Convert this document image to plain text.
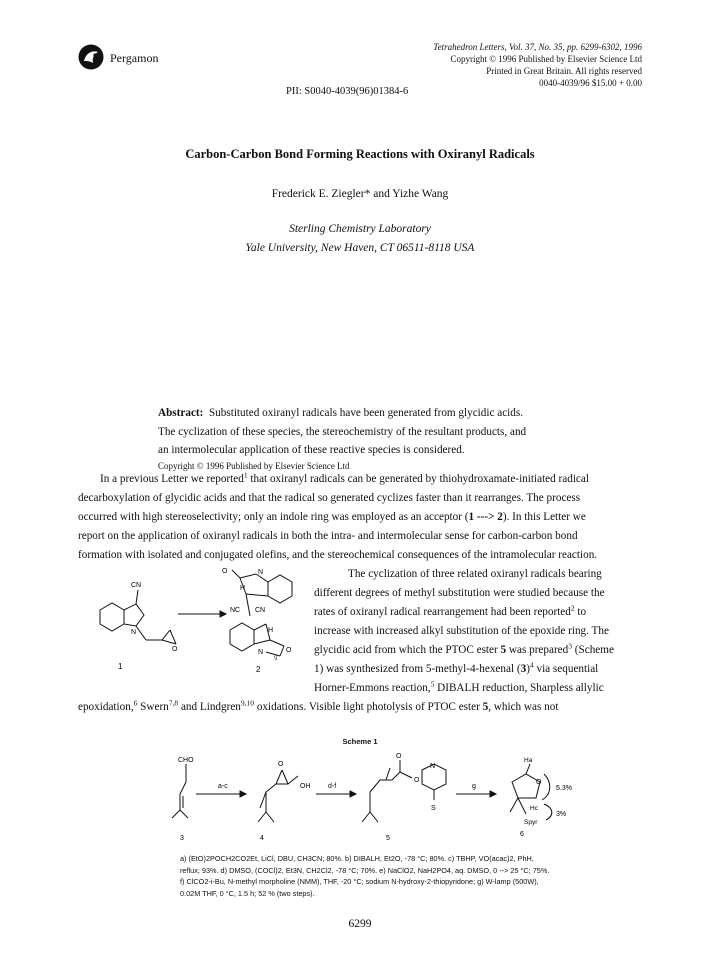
Pergamon
Tetrahedron Letters, Vol. 37, No. 35, pp. 6299-6302, 1996
Copyright © 1996 Published by Elsevier Science Ltd
Printed in Great Britain. All rights reserved
0040-4039/96 $15.00 + 0.00
PII: S0040-4039(96)01384-6
Carbon-Carbon Bond Forming Reactions with Oxiranyl Radicals
Frederick E. Ziegler* and Yizhe Wang
Sterling Chemistry Laboratory
Yale University, New Haven, CT 06511-8118 USA
Abstract: Substituted oxiranyl radicals have been generated from glycidic acids.
The cyclization of these species, the stereochemistry of the resultant products, and
an intermolecular application of these reactive species is considered.
Copyright © 1996 Published by Elsevier Science Ltd
In a previous Letter we reported$^1$ that oxiranyl radicals can be generated by thiohydroxamate-initiated radical
decarboxylation of glycidic acids and that the radical so generated cyclizes faster than it rearranges. The process
occurred with high stereoselectivity; only an indole ring was employed as an acceptor (1 ---> 2). In this Letter we
report on the application of oxiranyl radicals in both the intra- and intermolecular sense for carbon-carbon bond
formation with isolated and conjugated olefins, and the stereochemical consequences of the intramolecular reaction.
The cyclization of three related oxiranyl radicals bearing
different degrees of methyl substitution were studied because the
rates of oxiranyl radical rearrangement had been reported$^2$ to
increase with increased alkyl substitution of the epoxide ring. The
glycidic acid from which the PTOC ester 5 was prepared$^3$ (Scheme
1) was synthesized from 5-methyl-4-hexenal $(3)^4$ via sequential
Horner-Emmons reaction,$^5$ DIBALH reduction, Sharpless allylic
epoxidation,$^6$ Swern$^{7,8}$ and Lindgren$^{9,10}$ oxidations. Visible light photolysis of PTOC ester 5, which was not
CN
N
O
O	N
H
NC CN
H
N	O
\\
1	2
Scheme 1
CHO
a-c	OH
O
d-f
O
O
N
S
g
Ha
O
5.3%
Hc
3%
Spyr
3	4	5
6
a) (EtO)2POCH2CO2Et, LiCl, DBU, CH3CN; 80%. b) DIBALH, Et2O, -78 °C; 80%. c) TBHP, VO(acac)2, PhH,
reflux; 93%. d) DMSO, (COCl)2, Et3N, CH2Cl2, -78 °C; 70%. e) NaClO2, NaH2PO4, aq. DMSO, 0 --> 25 °C; 75%.
f) ClCO2-i-Bu, N-methyl morpholine (NMM), THF, -20 °C; sodium N-hydroxy-2-thiopyridone; g) W-lamp (500W),
0.02M THF, 0 °C, 1.5 h; 52 % (two steps).
6299
